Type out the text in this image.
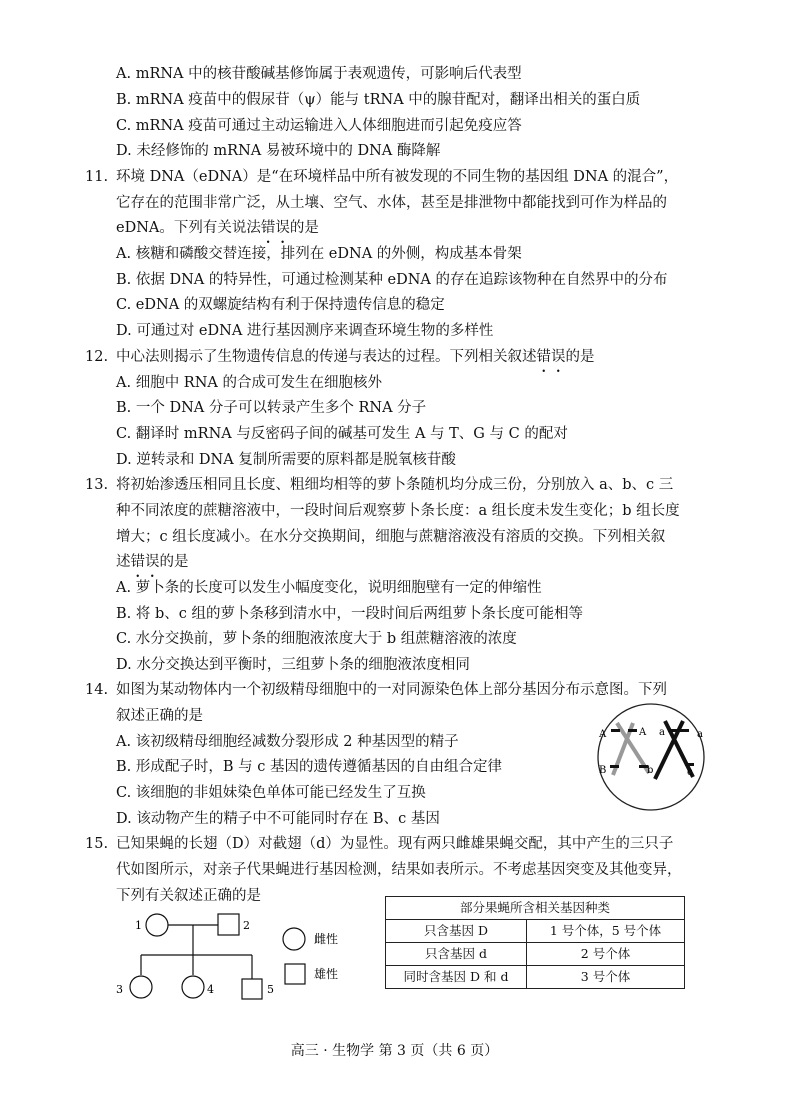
A. mRNA 中的核苷酸碱基修饰属于表观遗传，可影响后代表型
B. mRNA 疫苗中的假尿苷（ψ）能与 tRNA 中的腺苷配对，翻译出相关的蛋白质
C. mRNA 疫苗可通过主动运输进入人体细胞进而引起免疫应答
D. 未经修饰的 mRNA 易被环境中的 DNA 酶降解
11. 环境 DNA（eDNA）是“在环境样品中所有被发现的不同生物的基因组 DNA 的混合”，
它存在的范围非常广泛，从土壤、空气、水体，甚至是排泄物中都能找到可作为样品的
eDNA。下列有关说法错误的是
A. 核糖和磷酸交替连接，排列在 eDNA 的外侧，构成基本骨架
B. 依据 DNA 的特异性，可通过检测某种 eDNA 的存在追踪该物种在自然界中的分布
C. eDNA 的双螺旋结构有利于保持遗传信息的稳定
D. 可通过对 eDNA 进行基因测序来调查环境生物的多样性
12. 中心法则揭示了生物遗传信息的传递与表达的过程。下列相关叙述错误的是
A. 细胞中 RNA 的合成可发生在细胞核外
B. 一个 DNA 分子可以转录产生多个 RNA 分子
C. 翻译时 mRNA 与反密码子间的碱基可发生 A 与 T、G 与 C 的配对
D. 逆转录和 DNA 复制所需要的原料都是脱氧核苷酸
13. 将初始渗透压相同且长度、粗细均相等的萝卜条随机均分成三份，分别放入 a、b、c 三
种不同浓度的蔗糖溶液中，一段时间后观察萝卜条长度：a 组长度未发生变化；b 组长度
增大；c 组长度减小。在水分交换期间，细胞与蔗糖溶液没有溶质的交换。下列相关叙
述错误的是
A. 萝卜条的长度可以发生小幅度变化，说明细胞壁有一定的伸缩性
B. 将 b、c 组的萝卜条移到清水中，一段时间后两组萝卜条长度可能相等
C. 水分交换前，萝卜条的细胞液浓度大于 b 组蔗糖溶液的浓度
D. 水分交换达到平衡时，三组萝卜条的细胞液浓度相同
14. 如图为某动物体内一个初级精母细胞中的一对同源染色体上部分基因分布示意图。下列
叙述正确的是
A. 该初级精母细胞经减数分裂形成 2 种基因型的精子
B. 形成配子时，B 与 c 基因的遗传遵循基因的自由组合定律
C. 该细胞的非姐妹染色单体可能已经发生了互换
D. 该动物产生的精子中不可能同时存在 B、c 基因
A	A a	a
B	b	c
15. 已知果蝇的长翅（D）对截翅（d）为显性。现有两只雌雄果蝇交配，其中产生的三只子
代如图所示，对亲子代果蝇进行基因检测，结果如表所示。不考虑基因突变及其他变异，
下列有关叙述正确的是
1	2
3	4	5
雌性
雄性
部分果蝇所含相关基因种类	
只含基因 D	1 号个体，5 号个体
只含基因 d	2 号个体
同时含基因 D 和 d	3 号个体
高三 · 生物学 第 3 页（共 6 页）
